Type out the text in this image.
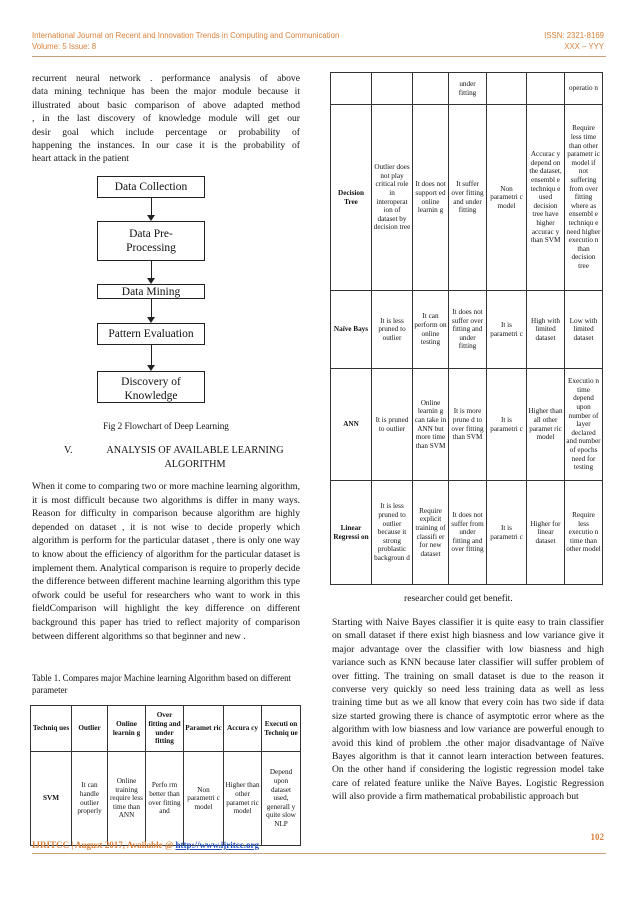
International Journal on Recent and Innovation Trends in Computing and Communication	ISSN: 2321-8169
Volume: 5 Issue: 8	XXX – YYY
recurrent neural network . performance analysis of above
data mining technique has been the major module because it
illustrated about basic comparison of above adapted method
, in the last discovery of knowledge module will get our
desir goal which include percentage or probability of
happening the instances. In our case it is the probability of
heart attack in the patient
Data Collection
Data Pre-Processing
Data Mining
Pattern Evaluation
Discovery of Knowledge
Fig 2 Flowchart of Deep Learning
V.	ANALYSIS OF AVAILABLE LEARNING
ALGORITHM
When it come to comparing two or more machine learning algorithm, it is most difficult because two algorithms is differ in many ways. Reason for difficulty in comparison because algorithm are highly depended on dataset , it is not wise to decide properly which algorithm is perform for the particular dataset , there is only one way to know about the efficiency of algorithm for the particular dataset is implement them. Analytical comparison is require to properly decide the difference between different machine learning algorithm this type ofwork could be useful for researchers who want to work in this fieldComparison will highlight the key difference on different background this paper has tried to reflect majority of comparison between different algorithms so that beginner and new .
Table 1. Compares major Machine learning Algorithm based on different parameter
Techniq ues	Outlier	Online learnin g	Over fitting and under fitting	Paramet ric	Accura cy	Executi on Techniq ue
SVM	It can handle outlier properly	Online training require less time than ANN	Perfo rm better than over fitting and	Non parametri c model	Higher than other paramet ric model	Depend upon dataset used, generall y quite slow NLP
			under fitting			operatio n
Decision Tree	Outlier does not play critical role in interoperat ion of dataset by decision tree	It does not support ed online learnin g	It suffer over fitting and under fitting	Non parametri c model	Accurac y depend on the dataset, ensembl e techniqu e used decision tree have higher accurac y than SVM	Require less time than other parametr ic model if not suffering from over fitting where as ensembl e techniqu e need higher executio n than decision tree
Naïve Bays	It is less pruned to outlier	It can perform on online testing	It does not suffer over fitting and under fitting	It is parametri c	High with limited dataset	Low with limited dataset
ANN	It is pruned to outlier	Online learnin g can take in ANN but more time than SVM	It is more prune d to over fitting than SVM	It is parametri c	Higher than all other paramet ric model	Executio n time depend upon number of layer declared and number of epochs need for testing
Linear Regressi on	It is less pruned to outlier because it strong problastic backgroun d	Require explicit training of classifi er for new dataset	It does not suffer from under fitting and over fitting	It is parametri c	Higher for linear dataset	Require less executio n time than other model
researcher could get benefit.
Starting with Naive Bayes classifier it is quite easy to train classifier on small dataset if there exist high biasness and low variance give it major advantage over the classifier with low biasness and high variance such as KNN because later classifier will suffer problem of over fitting. The training on small dataset is due to the reason it converse very quickly so need less training data as well as less training time but as we all know that every coin has two side if data size started growing there is chance of asymptotic error where as the algorithm with low biasness and low variance are powerful enough to avoid this kind of problem .the other major disadvantage of Naïve Bayes algorithm is that it cannot learn interaction between features. On the other hand if considering the logistic regression model take care of related feature unlike the Naïve Bayes. Logistic Regression will also provide a firm mathematical probabilistic approach but
102
IJRITCC | August 2017, Available @ http://www.ijritcc.org
